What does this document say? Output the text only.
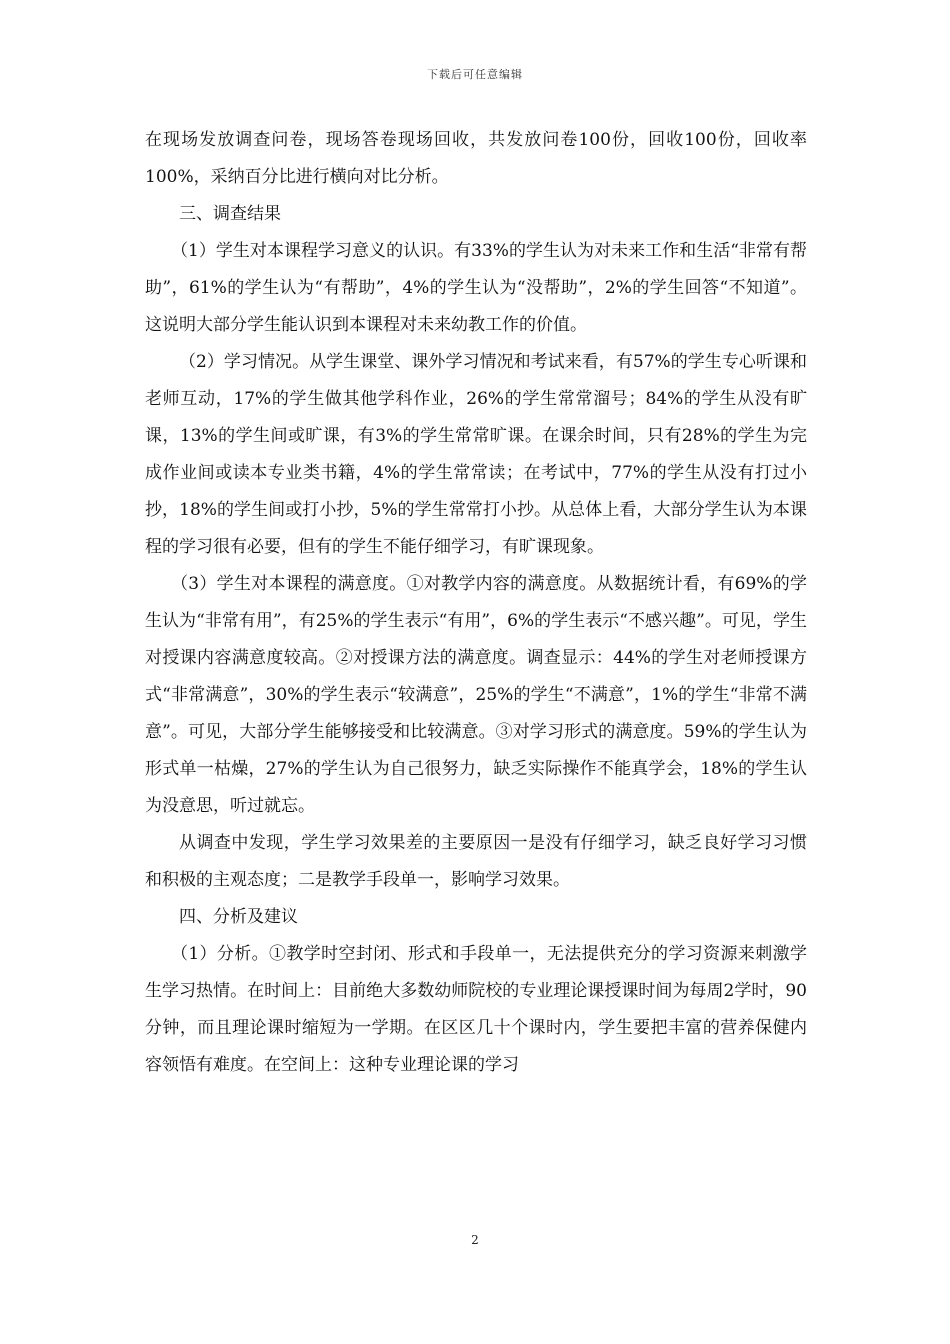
下载后可任意编辑

在现场发放调查问卷，现场答卷现场回收，共发放问卷100份，回收100份，回收率100%，采纳百分比进行横向对比分析。

三、调查结果

（1）学生对本课程学习意义的认识。有33%的学生认为对未来工作和生活“非常有帮助”，61%的学生认为“有帮助”，4%的学生认为“没帮助”，2%的学生回答“不知道”。这说明大部分学生能认识到本课程对未来幼教工作的价值。

（2）学习情况。从学生课堂、课外学习情况和考试来看，有57%的学生专心听课和老师互动，17%的学生做其他学科作业，26%的学生常常溜号；84%的学生从没有旷课，13%的学生间或旷课，有3%的学生常常旷课。在课余时间，只有28%的学生为完成作业间或读本专业类书籍，4%的学生常常读；在考试中，77%的学生从没有打过小抄，18%的学生间或打小抄，5%的学生常常打小抄。从总体上看，大部分学生认为本课程的学习很有必要，但有的学生不能仔细学习，有旷课现象。

（3）学生对本课程的满意度。①对教学内容的满意度。从数据统计看，有69%的学生认为“非常有用”，有25%的学生表示“有用”，6%的学生表示“不感兴趣”。可见，学生对授课内容满意度较高。②对授课方法的满意度。调查显示：44%的学生对老师授课方式“非常满意”，30%的学生表示“较满意”，25%的学生“不满意”，1%的学生“非常不满意”。可见，大部分学生能够接受和比较满意。③对学习形式的满意度。59%的学生认为形式单一枯燥，27%的学生认为自己很努力，缺乏实际操作不能真学会，18%的学生认为没意思，听过就忘。

从调查中发现，学生学习效果差的主要原因一是没有仔细学习，缺乏良好学习习惯和积极的主观态度；二是教学手段单一，影响学习效果。

四、分析及建议

（1）分析。①教学时空封闭、形式和手段单一，无法提供充分的学习资源来刺激学生学习热情。在时间上：目前绝大多数幼师院校的专业理论课授课时间为每周2学时，90分钟，而且理论课时缩短为一学期。在区区几十个课时内，学生要把丰富的营养保健内容领悟有难度。在空间上：这种专业理论课的学习

2
